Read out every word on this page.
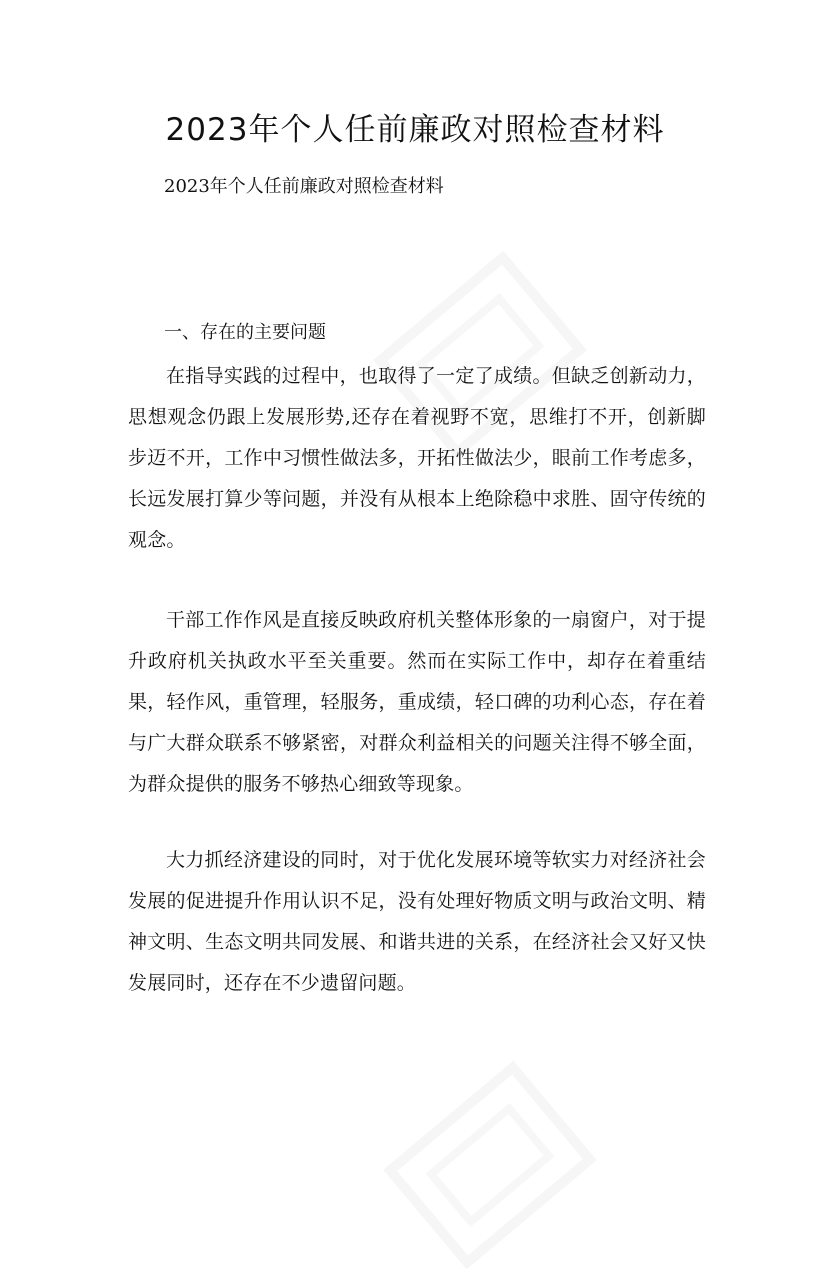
2023年个人任前廉政对照检查材料

2023年个人任前廉政对照检查材料

一、存在的主要问题

在指导实践的过程中，也取得了一定了成绩。但缺乏创新动力，思想观念仍跟上发展形势,还存在着视野不宽，思维打不开，创新脚步迈不开，工作中习惯性做法多，开拓性做法少，眼前工作考虑多，长远发展打算少等问题，并没有从根本上绝除稳中求胜、固守传统的观念。

干部工作作风是直接反映政府机关整体形象的一扇窗户，对于提升政府机关执政水平至关重要。然而在实际工作中，却存在着重结果，轻作风，重管理，轻服务，重成绩，轻口碑的功利心态，存在着与广大群众联系不够紧密，对群众利益相关的问题关注得不够全面，为群众提供的服务不够热心细致等现象。

大力抓经济建设的同时，对于优化发展环境等软实力对经济社会发展的促进提升作用认识不足，没有处理好物质文明与政治文明、精神文明、生态文明共同发展、和谐共进的关系，在经济社会又好又快发展同时，还存在不少遗留问题。
